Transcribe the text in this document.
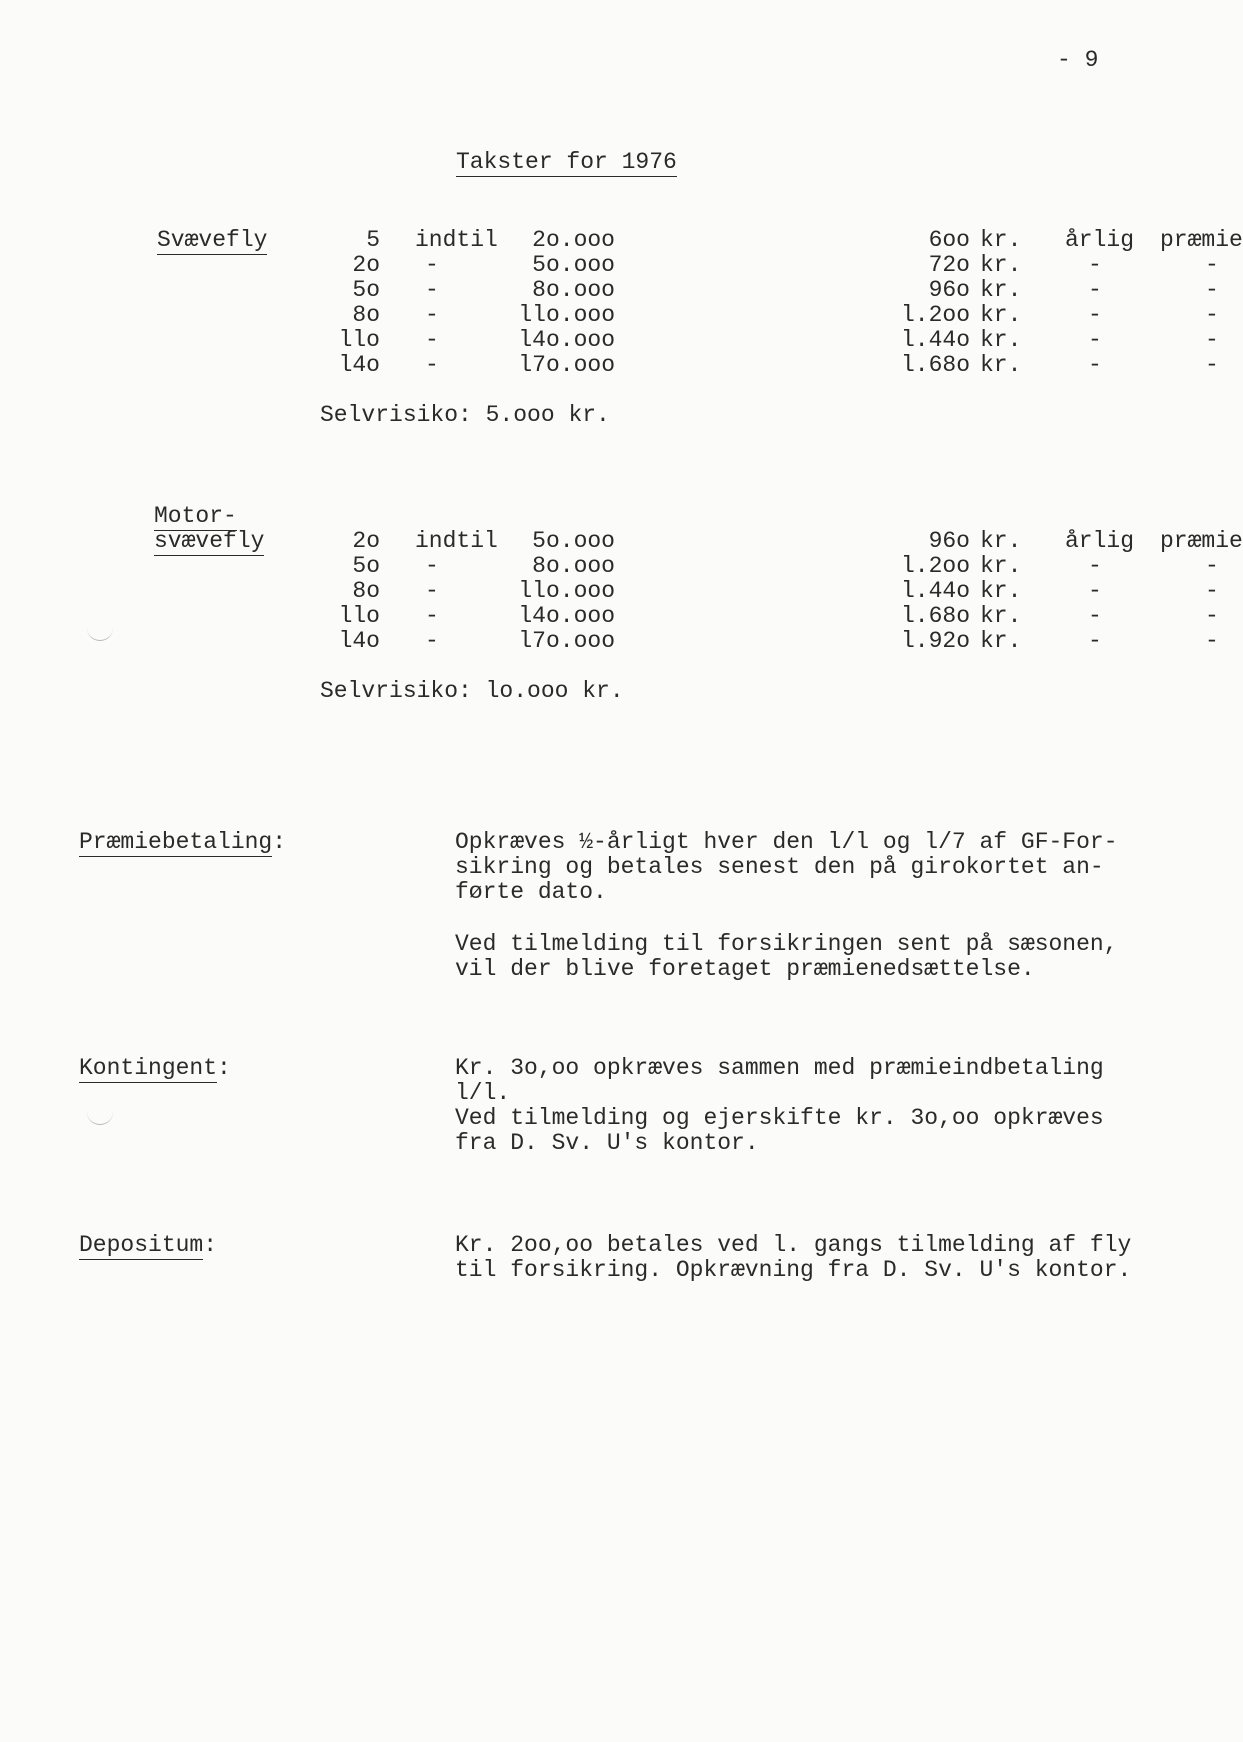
- 9
Takster for 1976
Svævefly	5 indtil	2o.ooo	6oo kr. årlig præmie
2o -	5o.ooo	72o kr.	-	-
5o -	8o.ooo	96o kr.	-	-
8o -	llo.ooo	l.2oo kr.	-	-
llo -	l4o.ooo	l.44o kr.	-	-
l4o -	l7o.ooo	l.68o kr.	-	-
Selvrisiko: 5.ooo kr.
Motor-
svævefly	2o indtil	5o.ooo	96o kr. årlig præmie
5o -	8o.ooo	l.2oo kr.	-	-
8o -	llo.ooo	l.44o kr.	-	-
llo -	l4o.ooo	l.68o kr.	-	-
l4o -	l7o.ooo	l.92o kr.	-	-
Selvrisiko: lo.ooo kr.
Præmiebetaling:	Opkræves ½-årligt hver den l/l og l/7 af GF-For-
sikring og betales senest den på girokortet an-
førte dato.
Ved tilmelding til forsikringen sent på sæsonen,
vil der blive foretaget præmienedsættelse.
Kontingent:	Kr. 3o,oo opkræves sammen med præmieindbetaling
l/l.
Ved tilmelding og ejerskifte kr. 3o,oo opkræves
fra D. Sv. U's kontor.
Depositum:	Kr. 2oo,oo betales ved l. gangs tilmelding af fly
til forsikring. Opkrævning fra D. Sv. U's kontor.
